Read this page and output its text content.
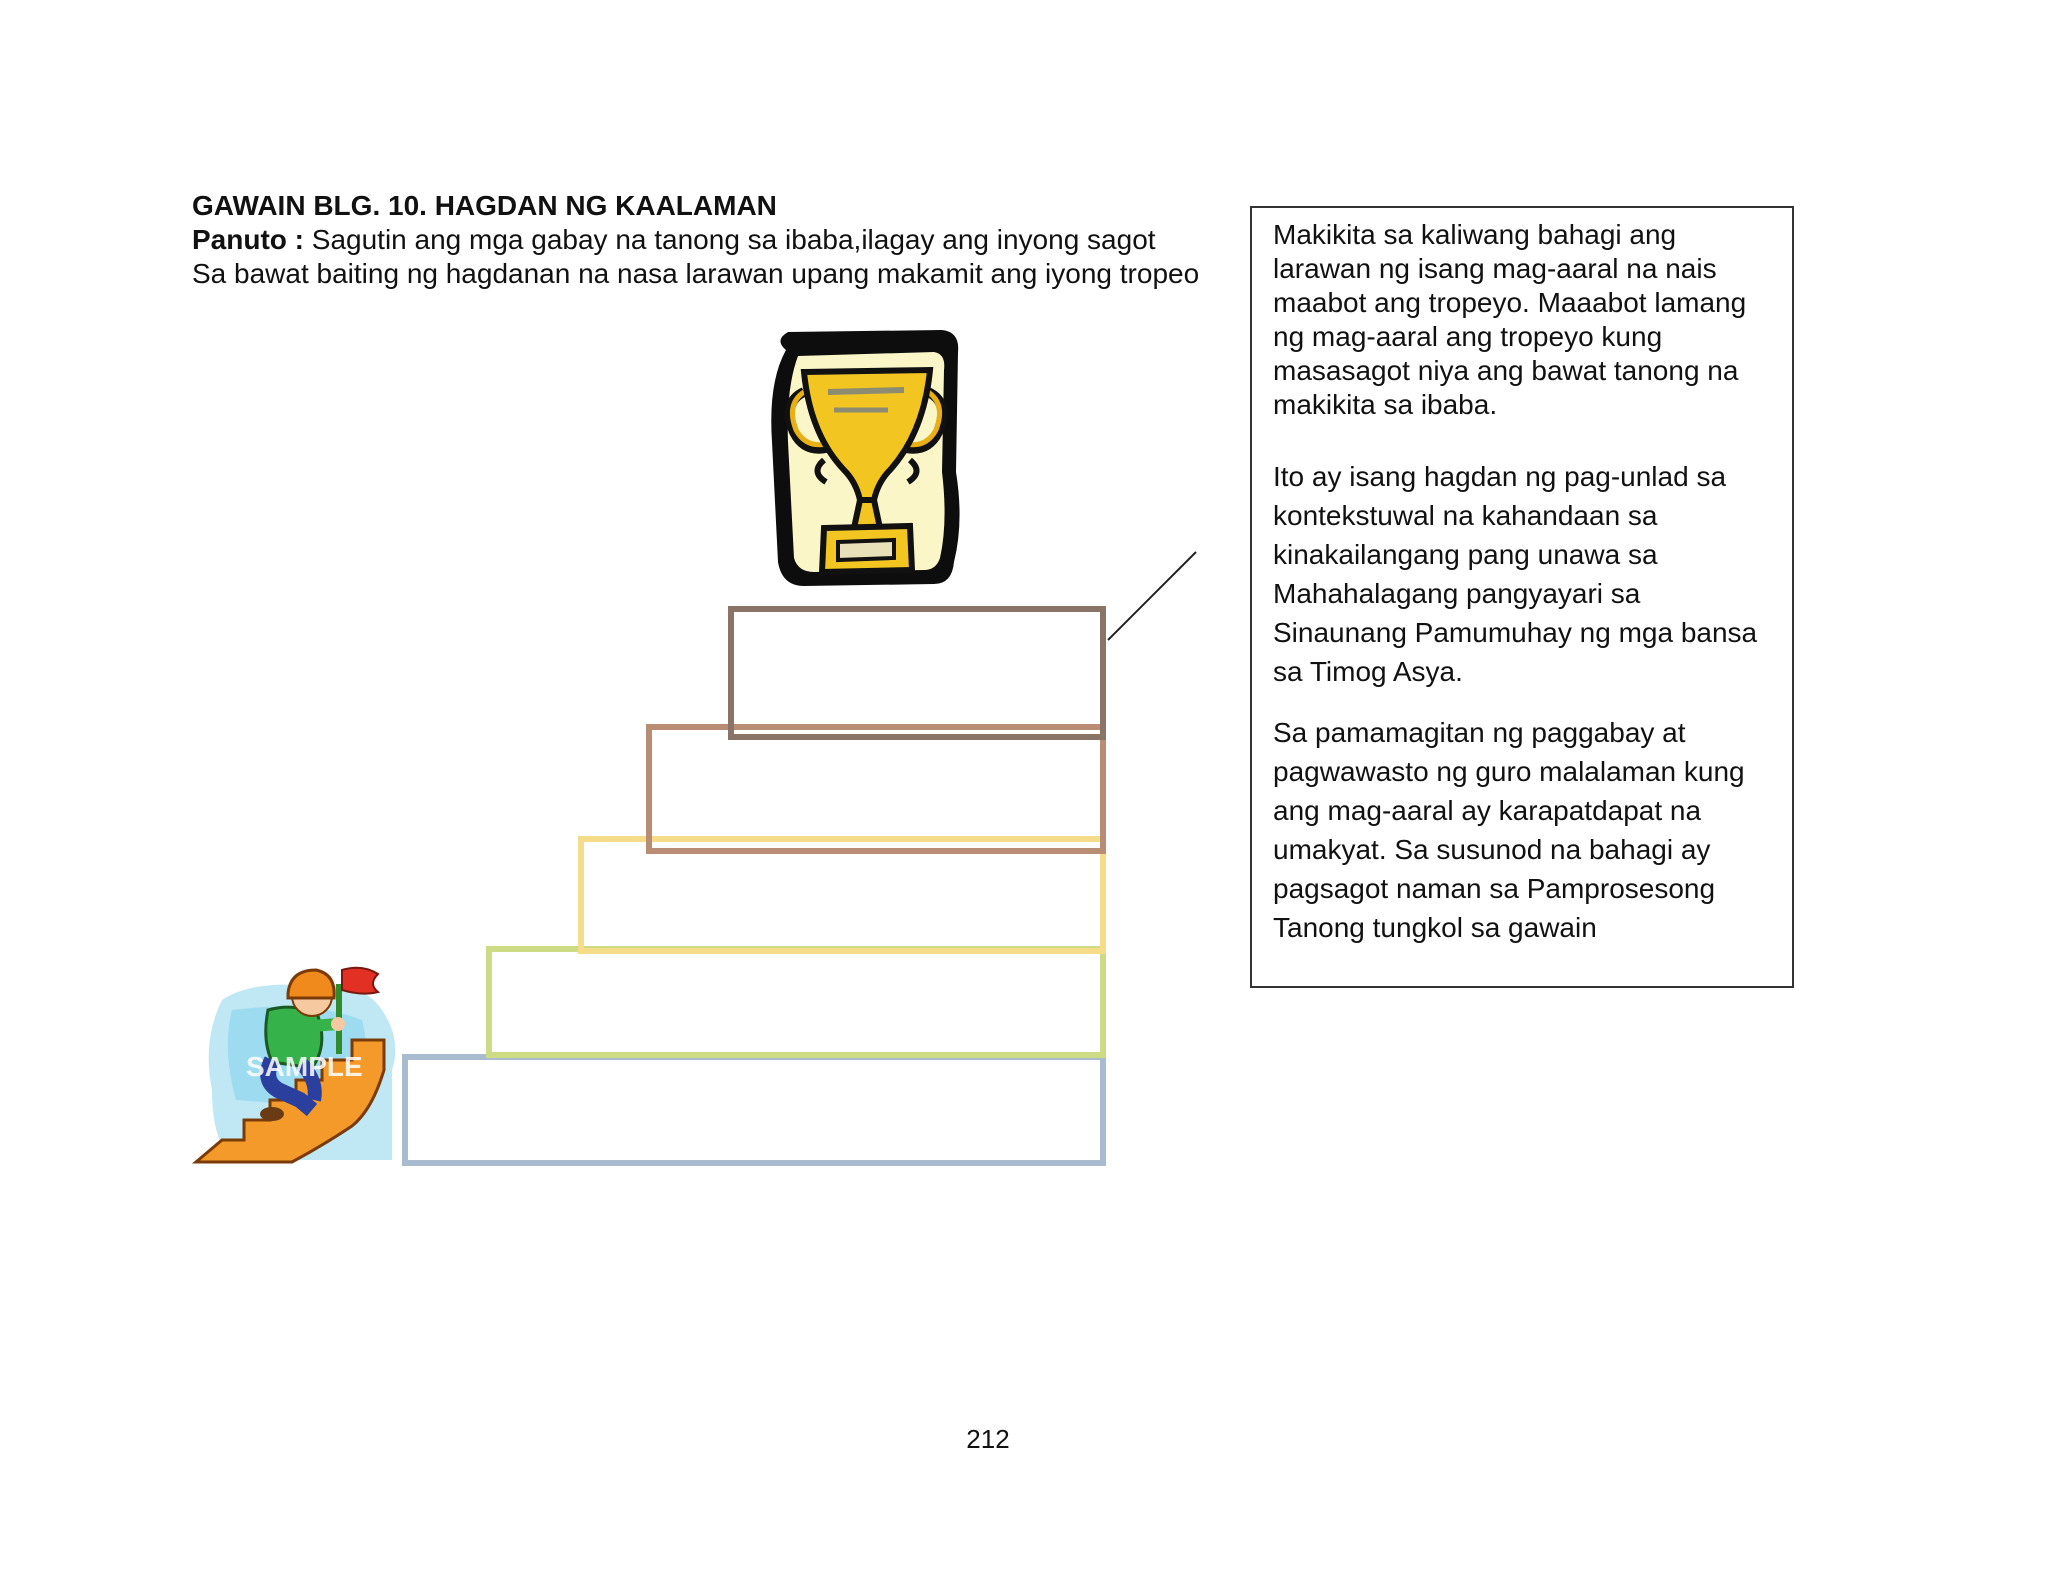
GAWAIN BLG. 10. HAGDAN NG KAALAMAN
Panuto : Sagutin ang mga gabay na tanong sa ibaba,ilagay ang inyong sagot
Sa bawat baiting ng hagdanan na nasa larawan upang makamit ang iyong tropeo
SAMPLE

Makikita sa kaliwang bahagi ang larawan ng isang mag-aaral na nais maabot ang tropeyo. Maaabot lamang ng mag-aaral ang tropeyo kung masasagot niya ang bawat tanong na makikita sa ibaba.

Ito ay isang hagdan ng pag-unlad sa kontekstuwal na kahandaan sa kinakailangang pang unawa sa Mahahalagang pangyayari sa Sinaunang Pamumuhay ng mga bansa sa Timog Asya.

Sa pamamagitan ng paggabay at pagwawasto ng guro malalaman kung ang mag-aaral ay karapatdapat na umakyat. Sa susunod na bahagi ay pagsagot naman sa Pamprosesong Tanong tungkol sa gawain

212
